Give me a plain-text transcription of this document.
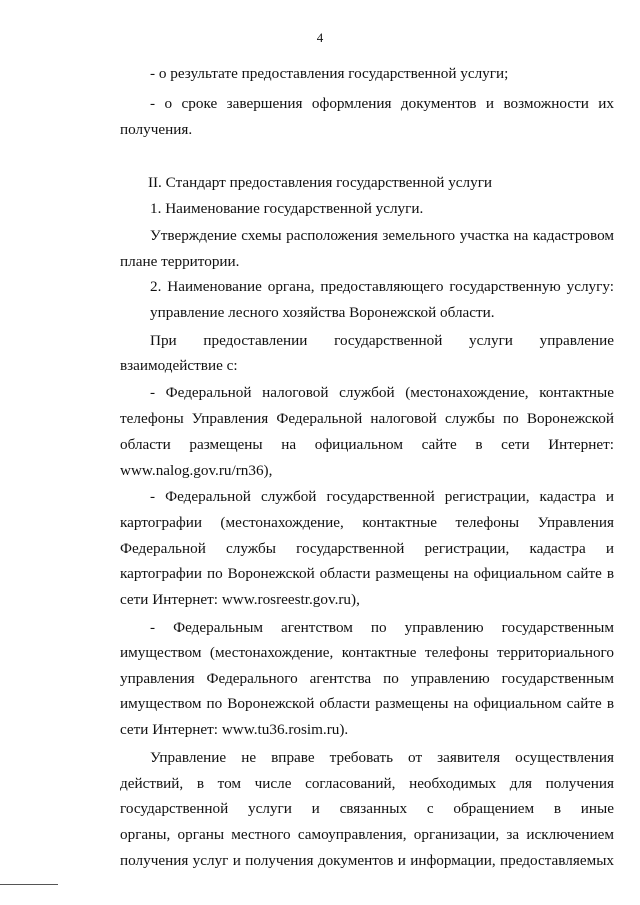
4
- о результате предоставления государственной услуги;
- о сроке завершения оформления документов и возможности их
получения.
II. Стандарт предоставления государственной услуги
1. Наименование государственной услуги.
Утверждение схемы расположения земельного участка на кадастровом
плане территории.
2. Наименование органа, предоставляющего государственную услугу:
управление лесного хозяйства Воронежской области.
При предоставлении государственной услуги управление
взаимодействие с:
- Федеральной налоговой службой (местонахождение, контактные
телефоны Управления Федеральной налоговой службы по Воронежской
области размещены на официальном сайте в сети Интернет:
www.nalog.gov.ru/rn36),
- Федеральной службой государственной регистрации, кадастра и
картографии (местонахождение, контактные телефоны Управления
Федеральной службы государственной регистрации, кадастра и
картографии по Воронежской области размещены на официальном сайте в
сети Интернет: www.rosreestr.gov.ru),
- Федеральным агентством по управлению государственным
имуществом (местонахождение, контактные телефоны территориального
управления Федерального агентства по управлению государственным
имуществом по Воронежской области размещены на официальном сайте в
сети Интернет: www.tu36.rosim.ru).
Управление не вправе требовать от заявителя осуществления
действий, в том числе согласований, необходимых для получения
государственной услуги и связанных с обращением в иные
органы, органы местного самоуправления, организации, за исключением
получения услуг и получения документов и информации, предоставляемых
